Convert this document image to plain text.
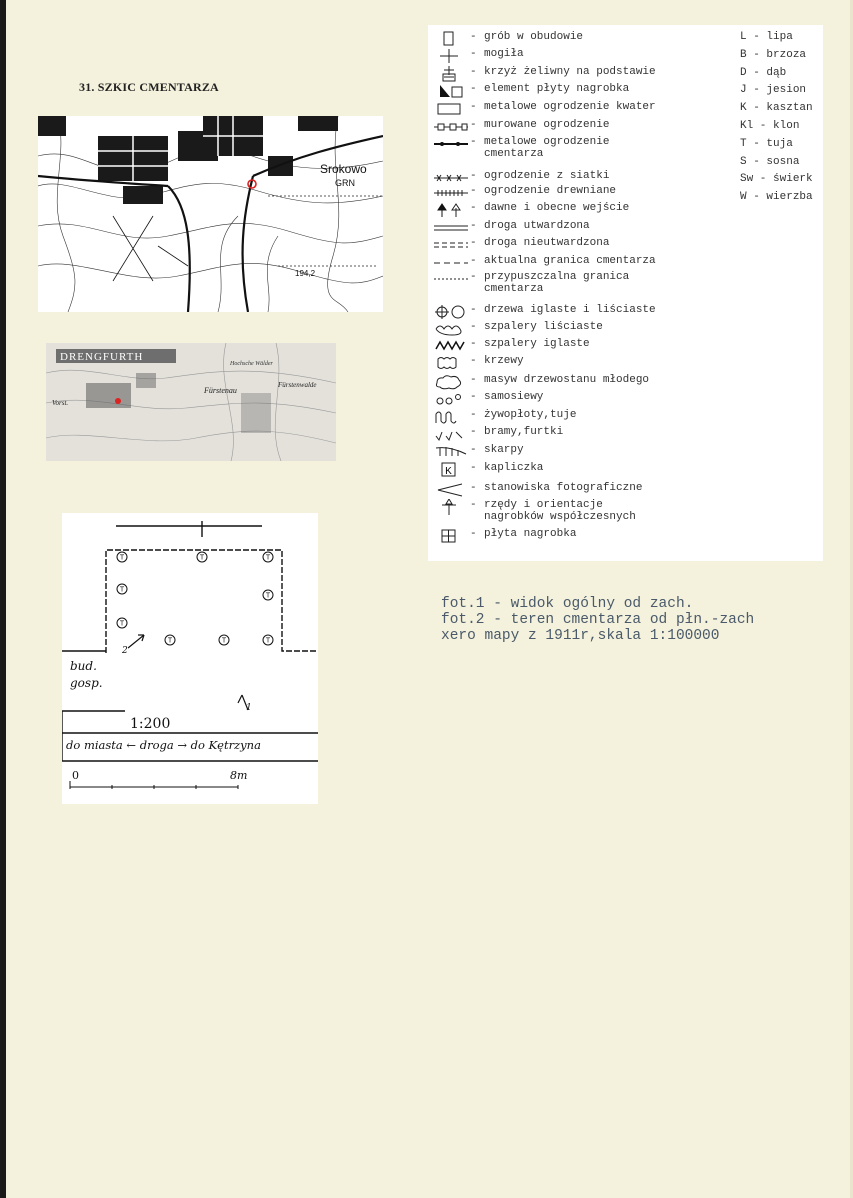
31. SZKIC CMENTARZA
Srokowo
GRN
194,2
DRENGFURTH
Fürstenau
Vorst.
Fürstenwalde
Hochsche Wälder
T	T	T
T
T
T
T	T	T
2
1
bud.
gosp.
1:200
do miasta ← droga → do Kętrzyna
0	8m
- grób w obudowie
- mogiła
- krzyż żeliwny na podstawie
- element płyty nagrobka
- metalowe ogrodzenie kwater
- murowane ogrodzenie
- metalowe ogrodzenie
cmentarza
- ogrodzenie z siatki
- ogrodzenie drewniane
- dawne i obecne wejście
- droga utwardzona
- droga nieutwardzona
- aktualna granica cmentarza
- przypuszczalna granica
cmentarza
- drzewa iglaste i liściaste
- szpalery liściaste
- szpalery iglaste
- krzewy
- masyw drzewostanu młodego
- samosiewy
- żywopłoty,tuje
- bramy,furtki
- skarpy
K - kapliczka
- stanowiska fotograficzne
- rzędy i orientacje
nagrobków współczesnych
- płyta nagrobka
L - lipa
B - brzoza
D - dąb
J - jesion
K - kasztan
Kl - klon
T - tuja
S - sosna
Sw - świerk
W - wierzba
fot.1 - widok ogólny od zach.
fot.2 - teren cmentarza od płn.-zach
xero mapy z 1911r,skala 1:100000
